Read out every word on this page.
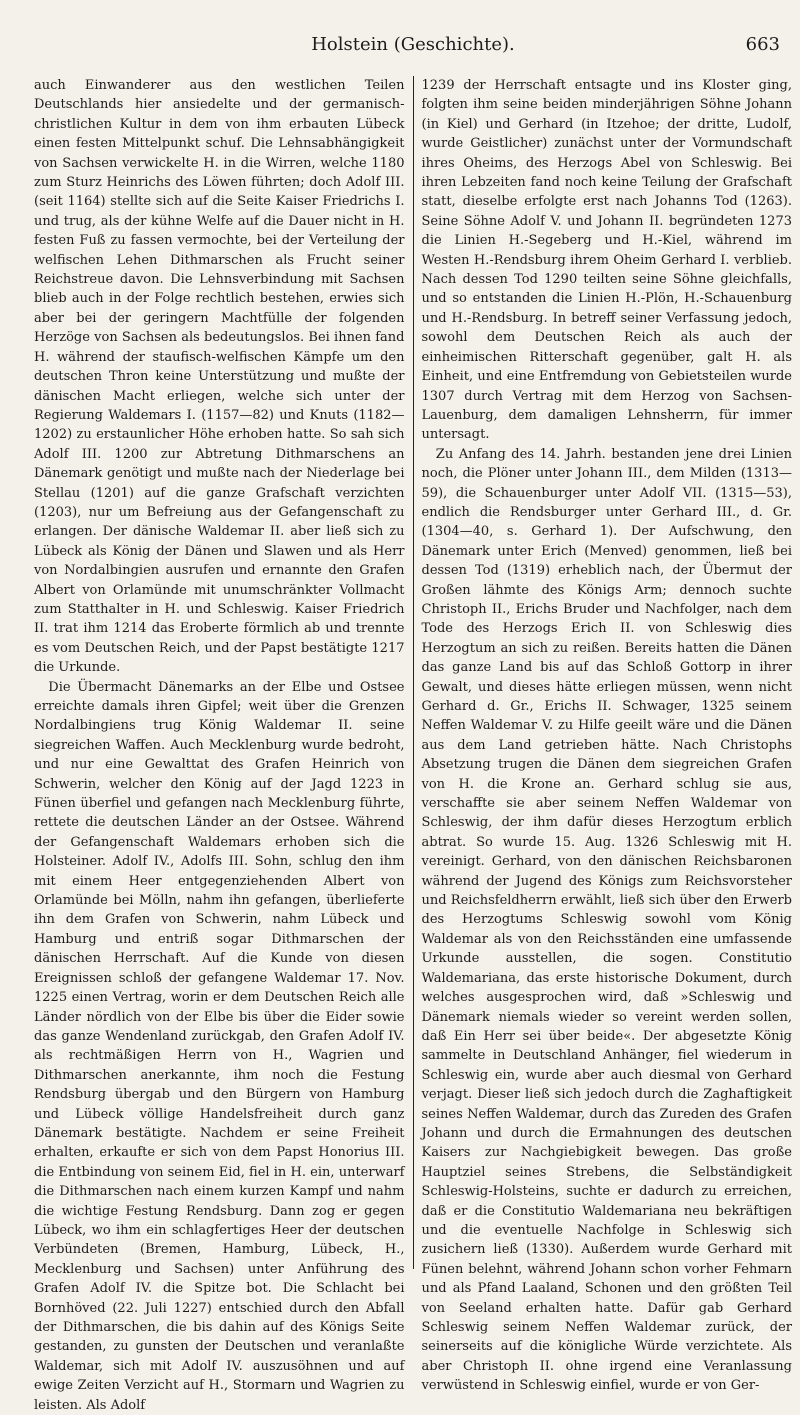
Holstein (Geschichte).	663

auch Einwanderer aus den westlichen Teilen Deutschlands hier ansiedelte und der germanisch-christlichen Kultur in dem von ihm erbauten Lübeck einen festen Mittelpunkt schuf. Die Lehnsabhängigkeit von Sachsen verwickelte H. in die Wirren, welche 1180 zum Sturz Heinrichs des Löwen führten; doch Adolf III. (seit 1164) stellte sich auf die Seite Kaiser Friedrichs I. und trug, als der kühne Welfe auf die Dauer nicht in H. festen Fuß zu fassen vermochte, bei der Verteilung der welfischen Lehen Dithmarschen als Frucht seiner Reichstreue davon. Die Lehnsverbindung mit Sachsen blieb auch in der Folge rechtlich bestehen, erwies sich aber bei der geringern Machtfülle der folgenden Herzöge von Sachsen als bedeutungslos. Bei ihnen fand H. während der staufisch-welfischen Kämpfe um den deutschen Thron keine Unterstützung und mußte der dänischen Macht erliegen, welche sich unter der Regierung Waldemars I. (1157—82) und Knuts (1182—1202) zu erstaunlicher Höhe erhoben hatte. So sah sich Adolf III. 1200 zur Abtretung Dithmarschens an Dänemark genötigt und mußte nach der Niederlage bei Stellau (1201) auf die ganze Grafschaft verzichten (1203), nur um Befreiung aus der Gefangenschaft zu erlangen. Der dänische Waldemar II. aber ließ sich zu Lübeck als König der Dänen und Slawen und als Herr von Nordalbingien ausrufen und ernannte den Grafen Albert von Orlamünde mit unumschränkter Vollmacht zum Statthalter in H. und Schleswig. Kaiser Friedrich II. trat ihm 1214 das Eroberte förmlich ab und trennte es vom Deutschen Reich, und der Papst bestätigte 1217 die Urkunde.

Die Übermacht Dänemarks an der Elbe und Ostsee erreichte damals ihren Gipfel; weit über die Grenzen Nordalbingiens trug König Waldemar II. seine siegreichen Waffen. Auch Mecklenburg wurde bedroht, und nur eine Gewalttat des Grafen Heinrich von Schwerin, welcher den König auf der Jagd 1223 in Fünen überfiel und gefangen nach Mecklenburg führte, rettete die deutschen Länder an der Ostsee. Während der Gefangenschaft Waldemars erhoben sich die Holsteiner. Adolf IV., Adolfs III. Sohn, schlug den ihm mit einem Heer entgegenziehenden Albert von Orlamünde bei Mölln, nahm ihn gefangen, überlieferte ihn dem Grafen von Schwerin, nahm Lübeck und Hamburg und entriß sogar Dithmarschen der dänischen Herrschaft. Auf die Kunde von diesen Ereignissen schloß der gefangene Waldemar 17. Nov. 1225 einen Vertrag, worin er dem Deutschen Reich alle Länder nördlich von der Elbe bis über die Eider sowie das ganze Wendenland zurückgab, den Grafen Adolf IV. als rechtmäßigen Herrn von H., Wagrien und Dithmarschen anerkannte, ihm noch die Festung Rendsburg übergab und den Bürgern von Hamburg und Lübeck völlige Handelsfreiheit durch ganz Dänemark bestätigte. Nachdem er seine Freiheit erhalten, erkaufte er sich von dem Papst Honorius III. die Entbindung von seinem Eid, fiel in H. ein, unterwarf die Dithmarschen nach einem kurzen Kampf und nahm die wichtige Festung Rendsburg. Dann zog er gegen Lübeck, wo ihm ein schlagfertiges Heer der deutschen Verbündeten (Bremen, Hamburg, Lübeck, H., Mecklenburg und Sachsen) unter Anführung des Grafen Adolf IV. die Spitze bot. Die Schlacht bei Bornhöved (22. Juli 1227) entschied durch den Abfall der Dithmarschen, die bis dahin auf des Königs Seite gestanden, zu gunsten der Deutschen und veranlaßte Waldemar, sich mit Adolf IV. auszusöhnen und auf ewige Zeiten Verzicht auf H., Stormarn und Wagrien zu leisten. Als Adolf

1239 der Herrschaft entsagte und ins Kloster ging, folgten ihm seine beiden minderjährigen Söhne Johann (in Kiel) und Gerhard (in Itzehoe; der dritte, Ludolf, wurde Geistlicher) zunächst unter der Vormundschaft ihres Oheims, des Herzogs Abel von Schleswig. Bei ihren Lebzeiten fand noch keine Teilung der Grafschaft statt, dieselbe erfolgte erst nach Johanns Tod (1263). Seine Söhne Adolf V. und Johann II. begründeten 1273 die Linien H.-Segeberg und H.-Kiel, während im Westen H.-Rendsburg ihrem Oheim Gerhard I. verblieb. Nach dessen Tod 1290 teilten seine Söhne gleichfalls, und so entstanden die Linien H.-Plön, H.-Schauenburg und H.-Rendsburg. In betreff seiner Verfassung jedoch, sowohl dem Deutschen Reich als auch der einheimischen Ritterschaft gegenüber, galt H. als Einheit, und eine Entfremdung von Gebietsteilen wurde 1307 durch Vertrag mit dem Herzog von Sachsen-Lauenburg, dem damaligen Lehnsherrn, für immer untersagt.

Zu Anfang des 14. Jahrh. bestanden jene drei Linien noch, die Plöner unter Johann III., dem Milden (1313—59), die Schauenburger unter Adolf VII. (1315—53), endlich die Rendsburger unter Gerhard III., d. Gr. (1304—40, s. Gerhard 1). Der Aufschwung, den Dänemark unter Erich (Menved) genommen, ließ bei dessen Tod (1319) erheblich nach, der Übermut der Großen lähmte des Königs Arm; dennoch suchte Christoph II., Erichs Bruder und Nachfolger, nach dem Tode des Herzogs Erich II. von Schleswig dies Herzogtum an sich zu reißen. Bereits hatten die Dänen das ganze Land bis auf das Schloß Gottorp in ihrer Gewalt, und dieses hätte erliegen müssen, wenn nicht Gerhard d. Gr., Erichs II. Schwager, 1325 seinem Neffen Waldemar V. zu Hilfe geeilt wäre und die Dänen aus dem Land getrieben hätte. Nach Christophs Absetzung trugen die Dänen dem siegreichen Grafen von H. die Krone an. Gerhard schlug sie aus, verschaffte sie aber seinem Neffen Waldemar von Schleswig, der ihm dafür dieses Herzogtum erblich abtrat. So wurde 15. Aug. 1326 Schleswig mit H. vereinigt. Gerhard, von den dänischen Reichsbaronen während der Jugend des Königs zum Reichsvorsteher und Reichsfeldherrn erwählt, ließ sich über den Erwerb des Herzogtums Schleswig sowohl vom König Waldemar als von den Reichsständen eine umfassende Urkunde ausstellen, die sogen. Constitutio Waldemariana, das erste historische Dokument, durch welches ausgesprochen wird, daß »Schleswig und Dänemark niemals wieder so vereint werden sollen, daß Ein Herr sei über beide«. Der abgesetzte König sammelte in Deutschland Anhänger, fiel wiederum in Schleswig ein, wurde aber auch diesmal von Gerhard verjagt. Dieser ließ sich jedoch durch die Zaghaftigkeit seines Neffen Waldemar, durch das Zureden des Grafen Johann und durch die Ermahnungen des deutschen Kaisers zur Nachgiebigkeit bewegen. Das große Hauptziel seines Strebens, die Selbständigkeit Schleswig-Holsteins, suchte er dadurch zu erreichen, daß er die Constitutio Waldemariana neu bekräftigen und die eventuelle Nachfolge in Schleswig sich zusichern ließ (1330). Außerdem wurde Gerhard mit Fünen belehnt, während Johann schon vorher Fehmarn und als Pfand Laaland, Schonen und den größten Teil von Seeland erhalten hatte. Dafür gab Gerhard Schleswig seinem Neffen Waldemar zurück, der seinerseits auf die königliche Würde verzichtete. Als aber Christoph II. ohne irgend eine Veranlassung verwüstend in Schleswig einfiel, wurde er von Ger-
